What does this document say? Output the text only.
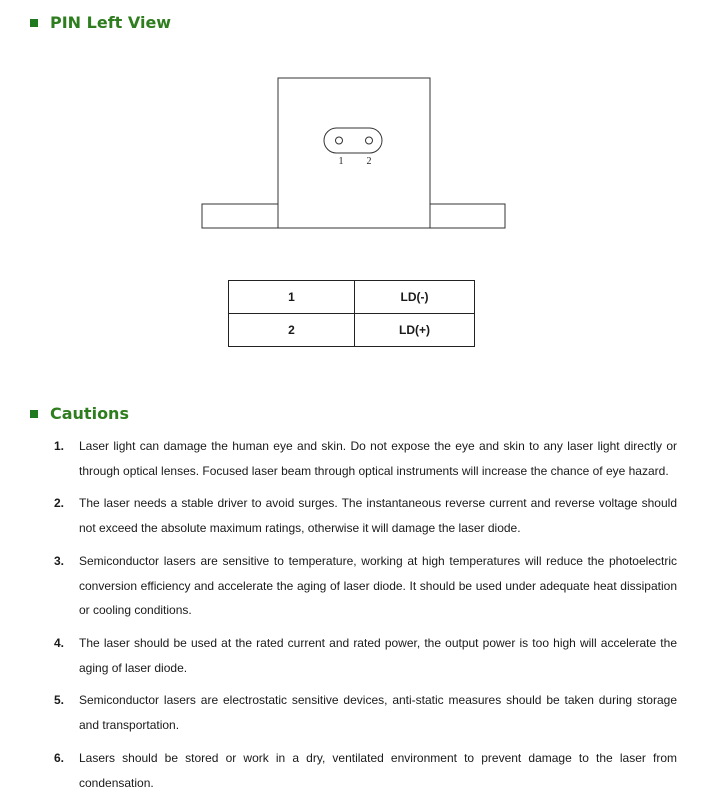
PIN Left View
1 2
1	LD(-)
2	LD(+)
Cautions
1. Laser light can damage the human eye and skin. Do not expose the eye and skin to any laser light directly or through optical lenses. Focused laser beam through optical instruments will increase the chance of eye hazard.
2. The laser needs a stable driver to avoid surges. The instantaneous reverse current and reverse voltage should not exceed the absolute maximum ratings, otherwise it will damage the laser diode.
3. Semiconductor lasers are sensitive to temperature, working at high temperatures will reduce the photoelectric conversion efficiency and accelerate the aging of laser diode. It should be used under adequate heat dissipation or cooling conditions.
4. The laser should be used at the rated current and rated power, the output power is too high will accelerate the aging of laser diode.
5. Semiconductor lasers are electrostatic sensitive devices, anti-static measures should be taken during storage and transportation.
6. Lasers should be stored or work in a dry, ventilated environment to prevent damage to the laser from condensation.
